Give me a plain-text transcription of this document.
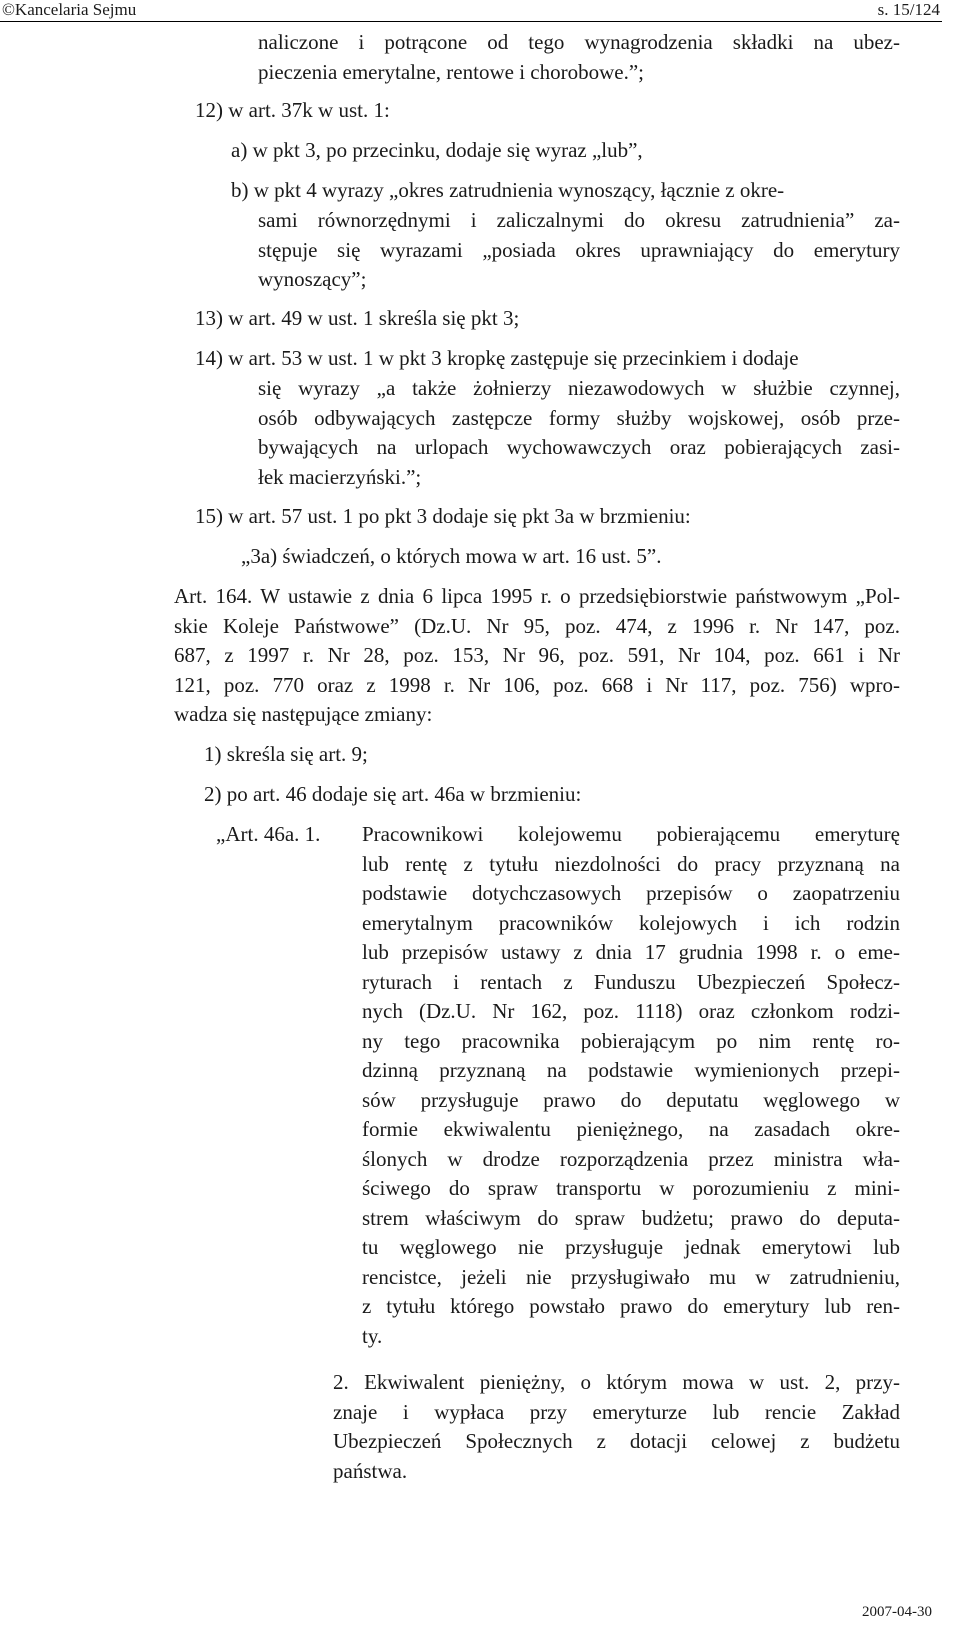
©Kancelaria Sejmu	s. 15/124
naliczone i potrącone od tego wynagrodzenia składki na ubez-
pieczenia emerytalne, rentowe i chorobowe.”;
12) w art. 37k w ust. 1:
a) w pkt 3, po przecinku, dodaje się wyraz „lub”,
b) w pkt 4 wyrazy „okres zatrudnienia wynoszący, łącznie z okre-
sami równorzędnymi i zaliczalnymi do okresu zatrudnienia” za-
stępuje się wyrazami „posiada okres uprawniający do emerytury
wynoszący”;
13) w art. 49 w ust. 1 skreśla się pkt 3;
14) w art. 53 w ust. 1 w pkt 3 kropkę zastępuje się przecinkiem i dodaje
się wyrazy „a także żołnierzy niezawodowych w służbie czynnej,
osób odbywających zastępcze formy służby wojskowej, osób prze-
bywających na urlopach wychowawczych oraz pobierających zasi-
łek macierzyński.”;
15) w art. 57 ust. 1 po pkt 3 dodaje się pkt 3a w brzmieniu:
„3a) świadczeń, o których mowa w art. 16 ust. 5”.
Art. 164. W ustawie z dnia 6 lipca 1995 r. o przedsiębiorstwie państwowym „Pol-
skie Koleje Państwowe” (Dz.U. Nr 95, poz. 474, z 1996 r. Nr 147, poz.
687, z 1997 r. Nr 28, poz. 153, Nr 96, poz. 591, Nr 104, poz. 661 i Nr
121, poz. 770 oraz z 1998 r. Nr 106, poz. 668 i Nr 117, poz. 756) wpro-
wadza się następujące zmiany:
1) skreśla się art. 9;
2) po art. 46 dodaje się art. 46a w brzmieniu:
„Art. 46a. 1. Pracownikowi kolejowemu pobierającemu emeryturę
lub rentę z tytułu niezdolności do pracy przyznaną na
podstawie dotychczasowych przepisów o zaopatrzeniu
emerytalnym pracowników kolejowych i ich rodzin
lub przepisów ustawy z dnia 17 grudnia 1998 r. o eme-
ryturach i rentach z Funduszu Ubezpieczeń Społecz-
nych (Dz.U. Nr 162, poz. 1118) oraz członkom rodzi-
ny tego pracownika pobierającym po nim rentę ro-
dzinną przyznaną na podstawie wymienionych przepi-
sów przysługuje prawo do deputatu węglowego w
formie ekwiwalentu pieniężnego, na zasadach okre-
ślonych w drodze rozporządzenia przez ministra wła-
ściwego do spraw transportu w porozumieniu z mini-
strem właściwym do spraw budżetu; prawo do deputa-
tu węglowego nie przysługuje jednak emerytowi lub
rencistce, jeżeli nie przysługiwało mu w zatrudnieniu,
z tytułu którego powstało prawo do emerytury lub ren-
ty.
2. Ekwiwalent pieniężny, o którym mowa w ust. 2, przy-
znaje i wypłaca przy emeryturze lub rencie Zakład
Ubezpieczeń Społecznych z dotacji celowej z budżetu
państwa.
2007-04-30
